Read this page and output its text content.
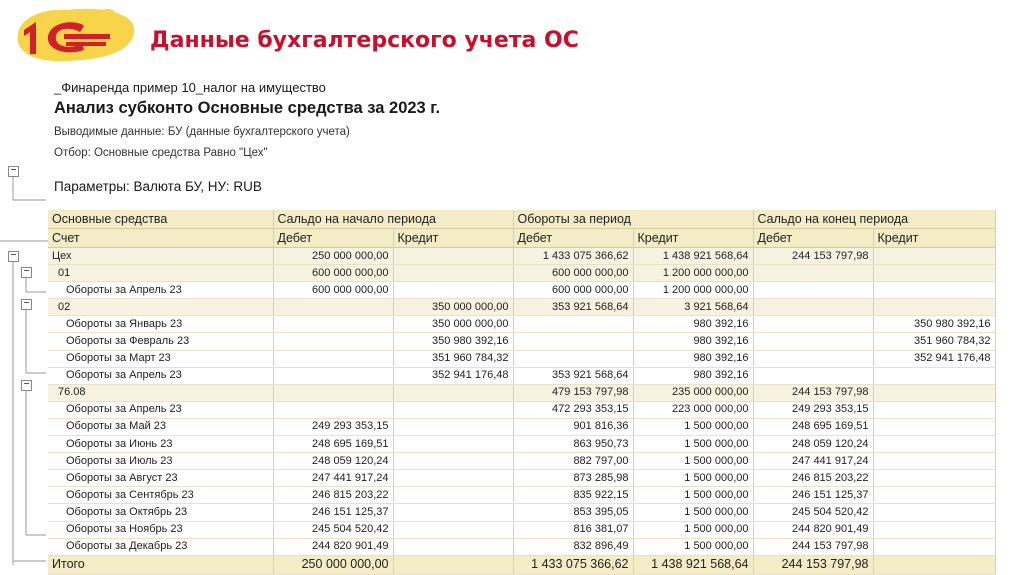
Данные бухгалтерского учета ОС
_Финаренда пример 10_налог на имущество
Анализ субконто Основные средства за 2023 г.
Выводимые данные: БУ (данные бухгалтерского учета)
Отбор: Основные средства Равно "Цех"
Параметры: Валюта БУ, НУ: RUB
−
−
−
−
−
Основные средства	Сальдо на начало периода		Обороты за период		Сальдо на конец периода	
Счет	Дебет	Кредит	Дебет	Кредит	Дебет	Кредит
Цех	250 000 000,00		1 433 075 366,62	1 438 921 568,64	244 153 797,98	
01	600 000 000,00		600 000 000,00	1 200 000 000,00		
Обороты за Апрель 23	600 000 000,00		600 000 000,00	1 200 000 000,00		
02		350 000 000,00	353 921 568,64	3 921 568,64		
Обороты за Январь 23		350 000 000,00		980 392,16		350 980 392,16
Обороты за Февраль 23		350 980 392,16		980 392,16		351 960 784,32
Обороты за Март 23		351 960 784,32		980 392,16		352 941 176,48
Обороты за Апрель 23		352 941 176,48	353 921 568,64	980 392,16		
76.08			479 153 797,98	235 000 000,00	244 153 797,98	
Обороты за Апрель 23			472 293 353,15	223 000 000,00	249 293 353,15	
Обороты за Май 23	249 293 353,15		901 816,36	1 500 000,00	248 695 169,51	
Обороты за Июнь 23	248 695 169,51		863 950,73	1 500 000,00	248 059 120,24	
Обороты за Июль 23	248 059 120,24		882 797,00	1 500 000,00	247 441 917,24	
Обороты за Август 23	247 441 917,24		873 285,98	1 500 000,00	246 815 203,22	
Обороты за Сентябрь 23	246 815 203,22		835 922,15	1 500 000,00	246 151 125,37	
Обороты за Октябрь 23	246 151 125,37		853 395,05	1 500 000,00	245 504 520,42	
Обороты за Ноябрь 23	245 504 520,42		816 381,07	1 500 000,00	244 820 901,49	
Обороты за Декабрь 23	244 820 901,49		832 896,49	1 500 000,00	244 153 797,98	
Итого	250 000 000,00		1 433 075 366,62	1 438 921 568,64	244 153 797,98	
